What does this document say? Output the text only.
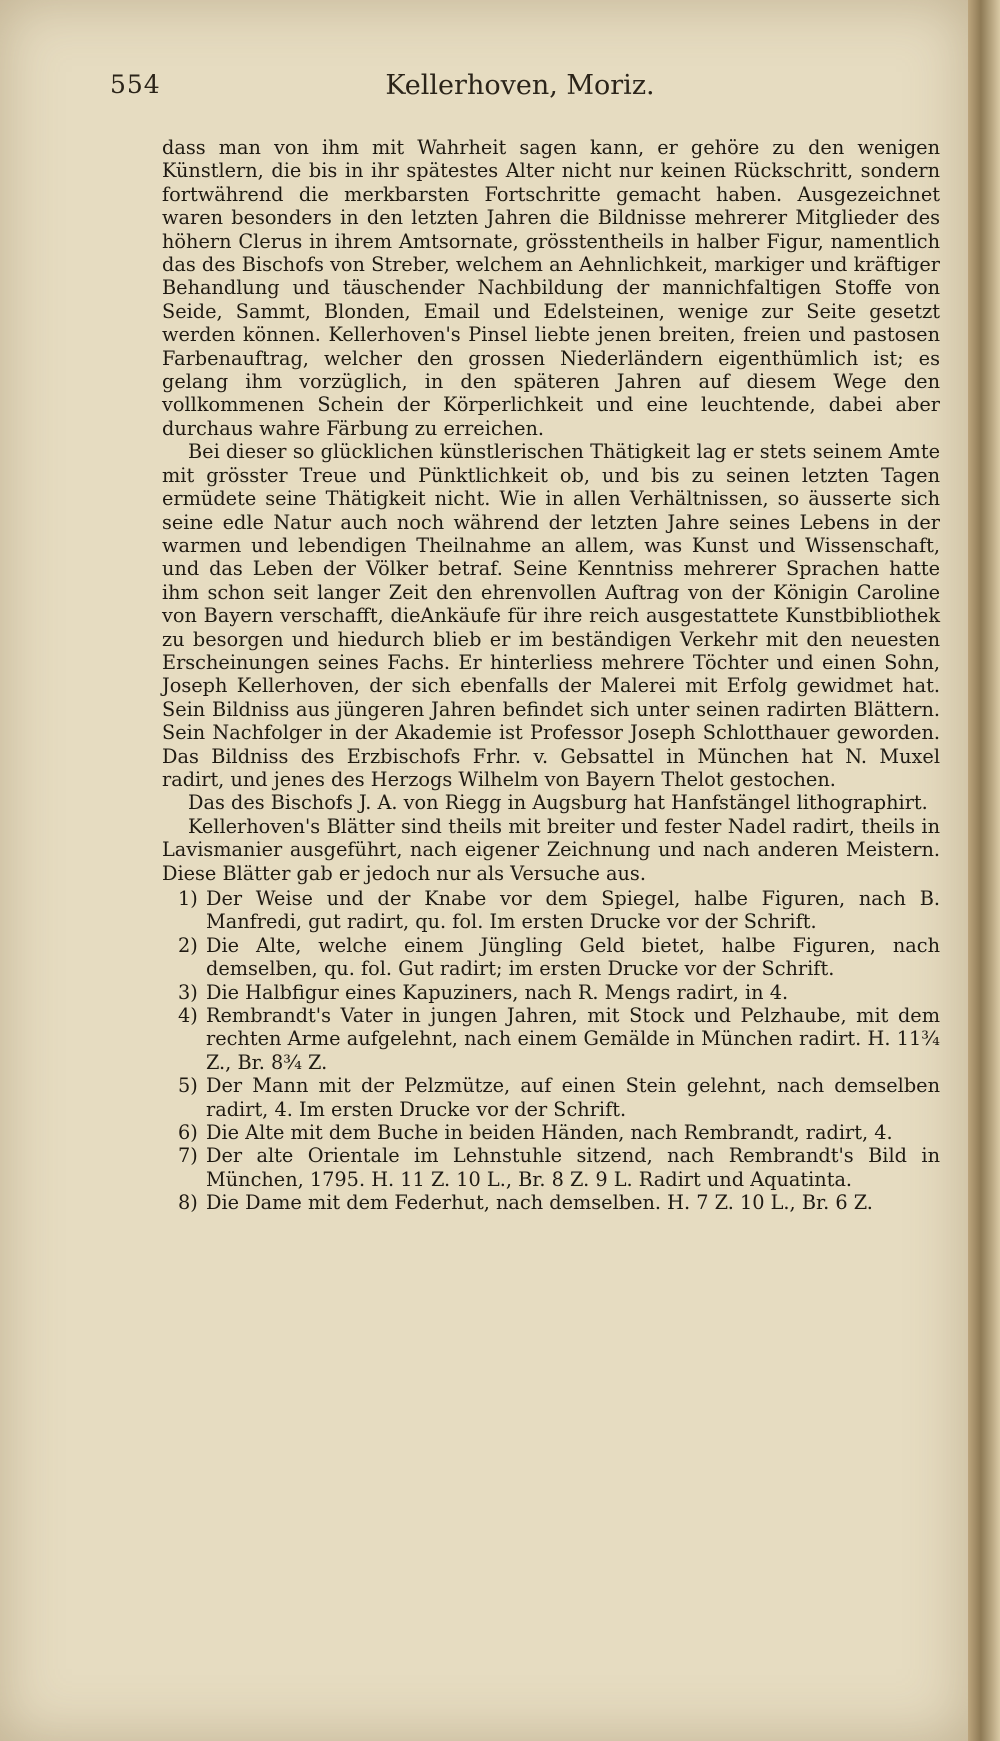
554	Kellerhoven, Moriz.

dass man von ihm mit Wahrheit sagen kann, er gehöre zu den wenigen Künstlern, die bis in ihr spätestes Alter nicht nur keinen Rückschritt, sondern fortwährend die merkbarsten Fortschritte gemacht haben. Ausgezeichnet waren besonders in den letzten Jahren die Bildnisse mehrerer Mitglieder des höhern Clerus in ihrem Amtsornate, grösstentheils in halber Figur, namentlich das des Bischofs von Streber, welchem an Aehnlichkeit, markiger und kräftiger Behandlung und täuschender Nachbildung der mannichfaltigen Stoffe von Seide, Sammt, Blonden, Email und Edelsteinen, wenige zur Seite gesetzt werden können. Kellerhoven's Pinsel liebte jenen breiten, freien und pastosen Farbenauftrag, welcher den grossen Niederländern eigenthümlich ist; es gelang ihm vorzüglich, in den späteren Jahren auf diesem Wege den vollkommenen Schein der Körperlichkeit und eine leuchtende, dabei aber durchaus wahre Färbung zu erreichen.

Bei dieser so glücklichen künstlerischen Thätigkeit lag er stets seinem Amte mit grösster Treue und Pünktlichkeit ob, und bis zu seinen letzten Tagen ermüdete seine Thätigkeit nicht. Wie in allen Verhältnissen, so äusserte sich seine edle Natur auch noch während der letzten Jahre seines Lebens in der warmen und lebendigen Theilnahme an allem, was Kunst und Wissenschaft, und das Leben der Völker betraf. Seine Kenntniss mehrerer Sprachen hatte ihm schon seit langer Zeit den ehrenvollen Auftrag von der Königin Caroline von Bayern verschafft, dieAnkäufe für ihre reich ausgestattete Kunstbibliothek zu besorgen und hiedurch blieb er im beständigen Verkehr mit den neuesten Erscheinungen seines Fachs. Er hinterliess mehrere Töchter und einen Sohn, Joseph Kellerhoven, der sich ebenfalls der Malerei mit Erfolg gewidmet hat. Sein Bildniss aus jüngeren Jahren befindet sich unter seinen radirten Blättern. Sein Nachfolger in der Akademie ist Professor Joseph Schlotthauer geworden. Das Bildniss des Erzbischofs Frhr. v. Gebsattel in München hat N. Muxel radirt, und jenes des Herzogs Wilhelm von Bayern Thelot gestochen.

Das des Bischofs J. A. von Riegg in Augsburg hat Hanfstängel lithographirt.

Kellerhoven's Blätter sind theils mit breiter und fester Nadel radirt, theils in Lavismanier ausgeführt, nach eigener Zeichnung und nach anderen Meistern. Diese Blätter gab er jedoch nur als Versuche aus.

1) Der Weise und der Knabe vor dem Spiegel, halbe Figuren, nach B. Manfredi, gut radirt, qu. fol. Im ersten Drucke vor der Schrift.
2) Die Alte, welche einem Jüngling Geld bietet, halbe Figuren, nach demselben, qu. fol. Gut radirt; im ersten Drucke vor der Schrift.
3) Die Halbfigur eines Kapuziners, nach R. Mengs radirt, in 4.
4) Rembrandt's Vater in jungen Jahren, mit Stock und Pelzhaube, mit dem rechten Arme aufgelehnt, nach einem Gemälde in München radirt. H. 11¾ Z., Br. 8¾ Z.
5) Der Mann mit der Pelzmütze, auf einen Stein gelehnt, nach demselben radirt, 4. Im ersten Drucke vor der Schrift.
6) Die Alte mit dem Buche in beiden Händen, nach Rembrandt, radirt, 4.
7) Der alte Orientale im Lehnstuhle sitzend, nach Rembrandt's Bild in München, 1795. H. 11 Z. 10 L., Br. 8 Z. 9 L. Radirt und Aquatinta.
8) Die Dame mit dem Federhut, nach demselben. H. 7 Z. 10 L., Br. 6 Z.
